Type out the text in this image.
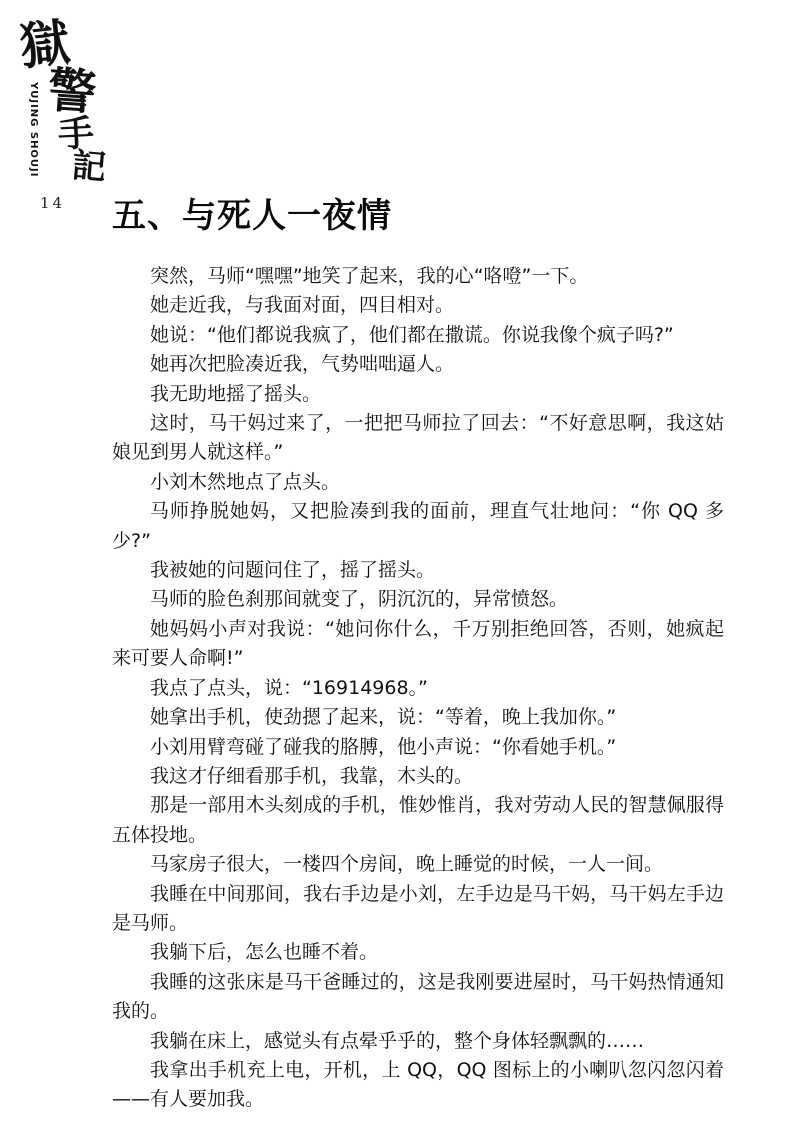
獄
警
手
記
YUJING SHOUJI
14 五、与死人一夜情

突然，马师“嘿嘿”地笑了起来，我的心“咯噔”一下。

她走近我，与我面对面，四目相对。

她说：“他们都说我疯了，他们都在撒谎。你说我像个疯子吗?”

她再次把脸凑近我，气势咄咄逼人。

我无助地摇了摇头。

这时，马干妈过来了，一把把马师拉了回去：“不好意思啊，我这姑娘见到男人就这样。”

小刘木然地点了点头。

马师挣脱她妈，又把脸凑到我的面前，理直气壮地问：“你 QQ 多少?”

我被她的问题问住了，摇了摇头。

马师的脸色刹那间就变了，阴沉沉的，异常愤怒。

她妈妈小声对我说：“她问你什么，千万别拒绝回答，否则，她疯起来可要人命啊!”

我点了点头，说：“16914968。”

她拿出手机，使劲摁了起来，说：“等着，晚上我加你。”

小刘用臂弯碰了碰我的胳膊，他小声说：“你看她手机。”

我这才仔细看那手机，我靠，木头的。

那是一部用木头刻成的手机，惟妙惟肖，我对劳动人民的智慧佩服得五体投地。

马家房子很大，一楼四个房间，晚上睡觉的时候，一人一间。

我睡在中间那间，我右手边是小刘，左手边是马干妈，马干妈左手边是马师。

我躺下后，怎么也睡不着。

我睡的这张床是马干爸睡过的，这是我刚要进屋时，马干妈热情通知我的。

我躺在床上，感觉头有点晕乎乎的，整个身体轻飘飘的……

我拿出手机充上电，开机，上 QQ，QQ 图标上的小喇叭忽闪忽闪着——有人要加我。
